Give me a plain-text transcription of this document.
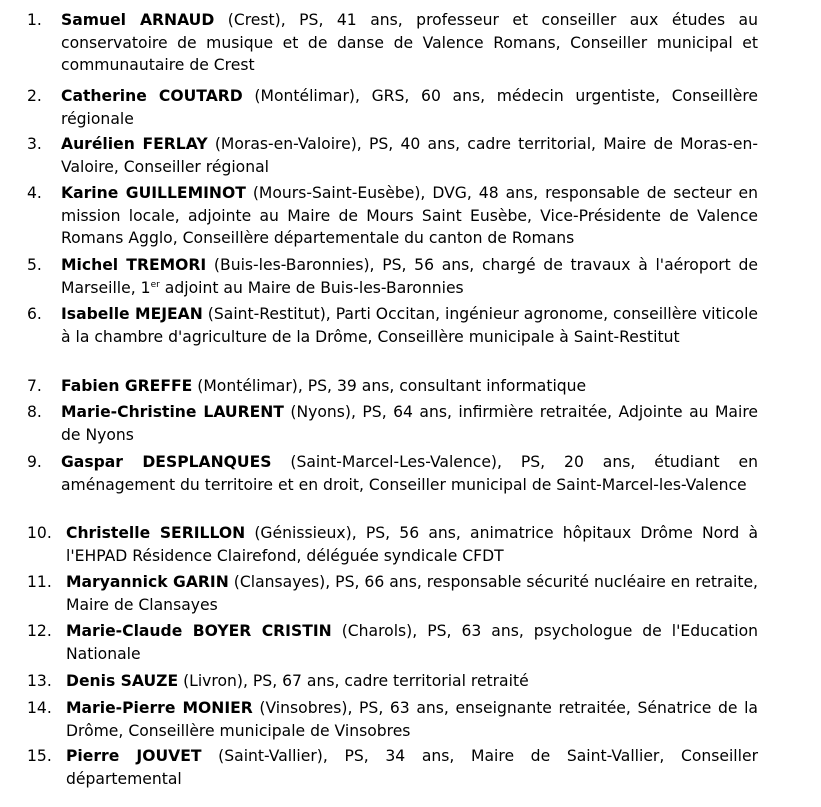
1. Samuel ARNAUD (Crest), PS, 41 ans, professeur et conseiller aux études au conservatoire de musique et de danse de Valence Romans, Conseiller municipal et communautaire de Crest
2. Catherine COUTARD (Montélimar), GRS, 60 ans, médecin urgentiste, Conseillère régionale
3. Aurélien FERLAY (Moras-en-Valoire), PS, 40 ans, cadre territorial, Maire de Moras-en-Valoire, Conseiller régional
4. Karine GUILLEMINOT (Mours-Saint-Eusèbe), DVG, 48 ans, responsable de secteur en mission locale, adjointe au Maire de Mours Saint Eusèbe, Vice-Présidente de Valence Romans Agglo, Conseillère départementale du canton de Romans
5. Michel TREMORI (Buis-les-Baronnies), PS, 56 ans, chargé de travaux à l'aéroport de Marseille, 1er adjoint au Maire de Buis-les-Baronnies
6. Isabelle MEJEAN (Saint-Restitut), Parti Occitan, ingénieur agronome, conseillère viticole à la chambre d'agriculture de la Drôme, Conseillère municipale à Saint-Restitut
7. Fabien GREFFE (Montélimar), PS, 39 ans, consultant informatique
8. Marie-Christine LAURENT (Nyons), PS, 64 ans, infirmière retraitée, Adjointe au Maire de Nyons
9. Gaspar DESPLANQUES (Saint-Marcel-Les-Valence), PS, 20 ans, étudiant en aménagement du territoire et en droit, Conseiller municipal de Saint-Marcel-les-Valence
10. Christelle SERILLON (Génissieux), PS, 56 ans, animatrice hôpitaux Drôme Nord à l'EHPAD Résidence Clairefond, déléguée syndicale CFDT
11. Maryannick GARIN (Clansayes), PS, 66 ans, responsable sécurité nucléaire en retraite, Maire de Clansayes
12. Marie-Claude BOYER CRISTIN (Charols), PS, 63 ans, psychologue de l'Education Nationale
13. Denis SAUZE (Livron), PS, 67 ans, cadre territorial retraité
14. Marie-Pierre MONIER (Vinsobres), PS, 63 ans, enseignante retraitée, Sénatrice de la Drôme, Conseillère municipale de Vinsobres
15. Pierre JOUVET (Saint-Vallier), PS, 34 ans, Maire de Saint-Vallier, Conseiller départemental
